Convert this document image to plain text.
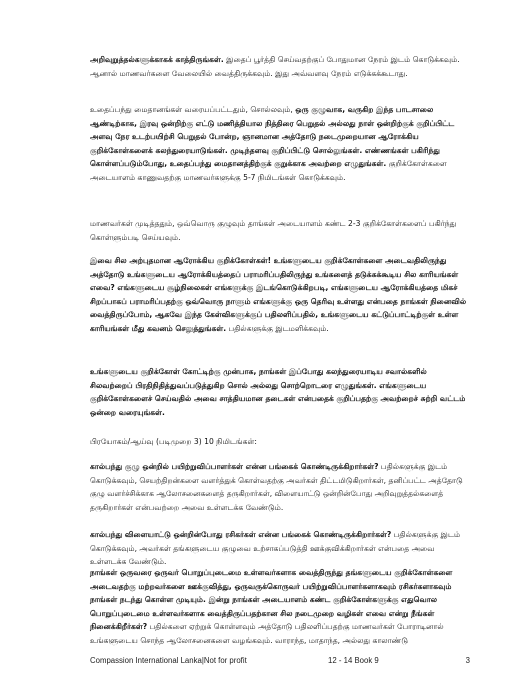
அறிவுறுத்தல்களுக்காகக் காத்திருங்கள். இதைப் பூர்த்தி செய்வதற்குப் போதுமான நேரம் இடம் கொடுக்கவும். ஆனால் மாணவர்களை வேலையில் வைத்திருக்கவும். இது அவ்வளவு நேரம் எடுக்கக்கூடாது.

உதைப்பந்து மைதானங்கள் வரையப்பட்டதும், சொல்லவும், ஒரு குழுவாக, வருகிற இந்த பாடசாலை ஆண்டிற்காக, இரவு ஒன்றிற்கு எட்டு மணித்தியால நித்திரை பெறுதல் அல்லது நாள் ஒன்றிற்குக் குறிப்பிட்ட அளவு நேர உடற்பயிற்சி பெறுதல் போன்ற, ஞானமான அத்தோடு நடைமுறையான ஆரோக்கிய குறிக்கோள்களைக் கலந்துரையாடுங்கள். முடிந்தளவு குறிப்பிட்டு சொல்லுங்கள். எண்ணங்கள் பகிரிந்து கொள்ளப்படும்போது, உதைப்பந்து மைதானத்திற்குக் குறுக்காக அவற்றை எழுதுங்கள். குறிக்கோள்களை அடையாளம் காணுவதற்கு மாணவர்களுக்கு 5-7 நிமிடங்கள் கொடுக்கவும்.

மாணவர்கள் முடித்ததும், ஒவ்வொரு குழுவும் தாங்கள் அடையாளம் கண்ட 2-3 குறிக்கோள்களைப் பகிர்ந்து கொள்ளும்படி செய்யவும்.

இவை சில அற்புதமான ஆரோக்கிய குறிக்கோள்கள்! உங்களுடைய குறிக்கோள்களை அடைவதிலிருந்து அத்தோடு உங்களுடைய ஆரோக்கியத்தைப் பராமரிப்பதிலிருந்து உங்களைத் தடுக்கக்கூடிய சில காரியங்கள் எவை? எங்களுடைய சூழ்நிலைகள் எங்களுக்கு இடங்கொடுக்கிறபடி, எங்களுடைய ஆரோக்கியத்தை மிகச் சிறப்பாகப் பராமரிப்பதற்கு ஒவ்வொரு நாளும் எங்களுக்கு ஒரு தெரிவு உள்ளது என்பதை நாங்கள் நினைவில் வைத்திருப்போம், ஆகவே இந்த கேள்விகளுக்குப் பதிலளிப்பதில், உங்களுடைய கட்டுப்பாட்டிற்குள் உள்ள காரியங்கள் மீது கவனம் செலுத்துங்கள். பதில்களுக்கு இடமளிக்கவும்.

உங்களுடைய குறிக்கோள் கோட்டிற்கு முன்பாக, நாங்கள் இப்போது கலந்துரையாடிய சவால்களில் சிலவற்றைப் பிரதிநிதித்துவப்படுத்துகிற சொல் அல்லது சொற்றொடரை எழுதுங்கள். எங்களுடைய குறிக்கோள்களைச் செய்வதில் அவை சாத்தியமான தடைகள் என்பதைக் குறிப்பதற்கு அவற்றைச் சுற்றி வட்டம் ஒன்றை வரையுங்கள்.

பிரயோகம்/ஆய்வு (படிமுறை 3) 10 நிமிடங்கள்:

கால்பந்து குழு ஒன்றில் பயிற்றுவிப்பாளர்கள் என்ன பங்கைக் கொண்டிருக்கிறார்கள்? பதில்களுக்கு இடம் கொடுக்கவும், செயற்திறன்களை வளர்த்துக் கொள்வதற்கு அவர்கள் திட்டமிடுகிறார்கள், தனிப்பட்ட அத்தோடு குழு வளர்ச்சிக்காக ஆலோசனைகளைத் தருகிறார்கள், விளையாட்டு ஒன்றின்போது அறிவுறுத்தல்களைத் தருகிறார்கள் என்பவற்றை அவை உள்ளடக்க வேண்டும்.

கால்பந்து விளையாட்டு ஒன்றின்போது ரசிகர்கள் என்ன பங்கைக் கொண்டிருக்கிறார்கள்? பதில்களுக்கு இடம் கொடுக்கவும், அவர்கள் தங்களுடைய குழுவை உற்சாகப்படுத்தி ஊக்குவிக்கிறார்கள் என்பதை அவை உள்ளடக்க வேண்டும்.

நாங்கள் ஒருவரை ஒருவர் பொறுப்புடைமை உள்ளவர்களாக வைத்திருந்து தங்களுடைய குறிக்கோள்களை அடைவதற்கு மற்றவர்களை ஊக்குவித்து, ஒருவருக்கொருவர் பயிற்றுவிப்பாளர்களாகவும் ரசிகர்களாகவும் நாங்கள் நடந்து கொள்ள முடியும். இன்று நாங்கள் அடையாளம் கண்ட குறிக்கோள்களுக்கு எதுவொல பொறுப்புடைமை உள்ளவர்களாக வைத்திருப்பதற்கான சில நடைமுறை வழிகள் எவை என்று நீங்கள் நினைக்கிறீர்கள்? பதில்களை ஏற்றுக் கொள்ளவும் அத்தோடு பதிலளிப்பதற்கு மாணவர்கள் போராடினால் உங்களுடைய சொந்த ஆலோசனைகளை வழங்கவும். வாராந்த, மாதாந்த, அல்லது காலாண்டு

Compassion International Lanka|Not for profit	12 - 14 Book 9	3
